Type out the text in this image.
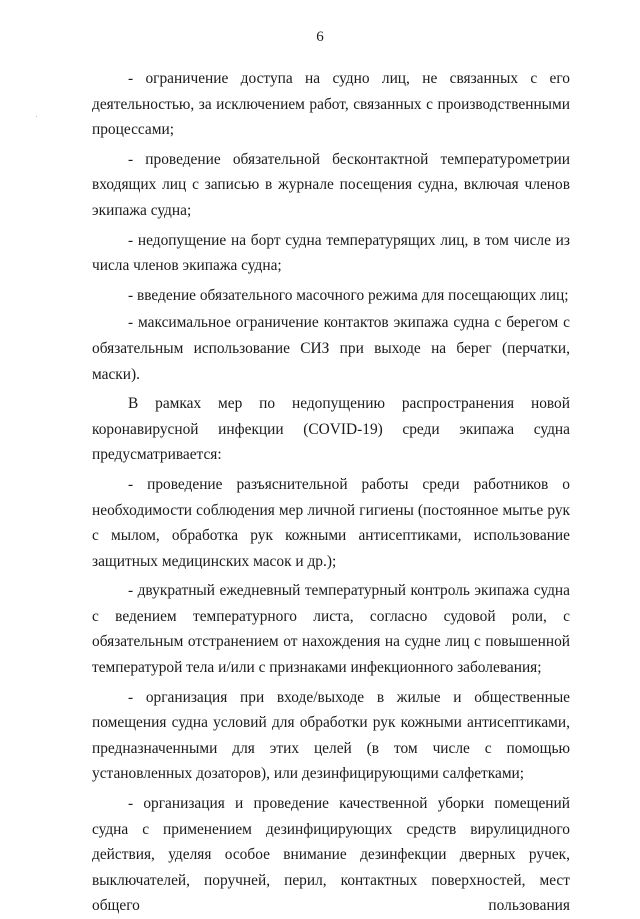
6

- ограничение доступа на судно лиц, не связанных с его деятельностью, за исключением работ, связанных с производственными процессами;

- проведение обязательной бесконтактной температурометрии входящих лиц с записью в журнале посещения судна, включая членов экипажа судна;

- недопущение на борт судна температурящих лиц, в том числе из числа членов экипажа судна;

- введение обязательного масочного режима для посещающих лиц;

- максимальное ограничение контактов экипажа судна с берегом с обязательным использование СИЗ при выходе на берег (перчатки, маски).

В рамках мер по недопущению распространения новой коронавирусной инфекции (COVID-19) среди экипажа судна предусматривается:

- проведение разъяснительной работы среди работников о необходимости соблюдения мер личной гигиены (постоянное мытье рук с мылом, обработка рук кожными антисептиками, использование защитных медицинских масок и др.);

- двукратный ежедневный температурный контроль экипажа судна с ведением температурного листа, согласно судовой роли, с обязательным отстранением от нахождения на судне лиц с повышенной температурой тела и/или с признаками инфекционного заболевания;

- организация при входе/выходе в жилые и общественные помещения судна условий для обработки рук кожными антисептиками, предназначенными для этих целей (в том числе с помощью установленных дозаторов), или дезинфицирующими салфетками;

- организация и проведение качественной уборки помещений судна с применением дезинфицирующих средств вирулицидного действия, уделяя особое внимание дезинфекции дверных ручек, выключателей, поручней, перил, контактных поверхностей, мест общего пользования
